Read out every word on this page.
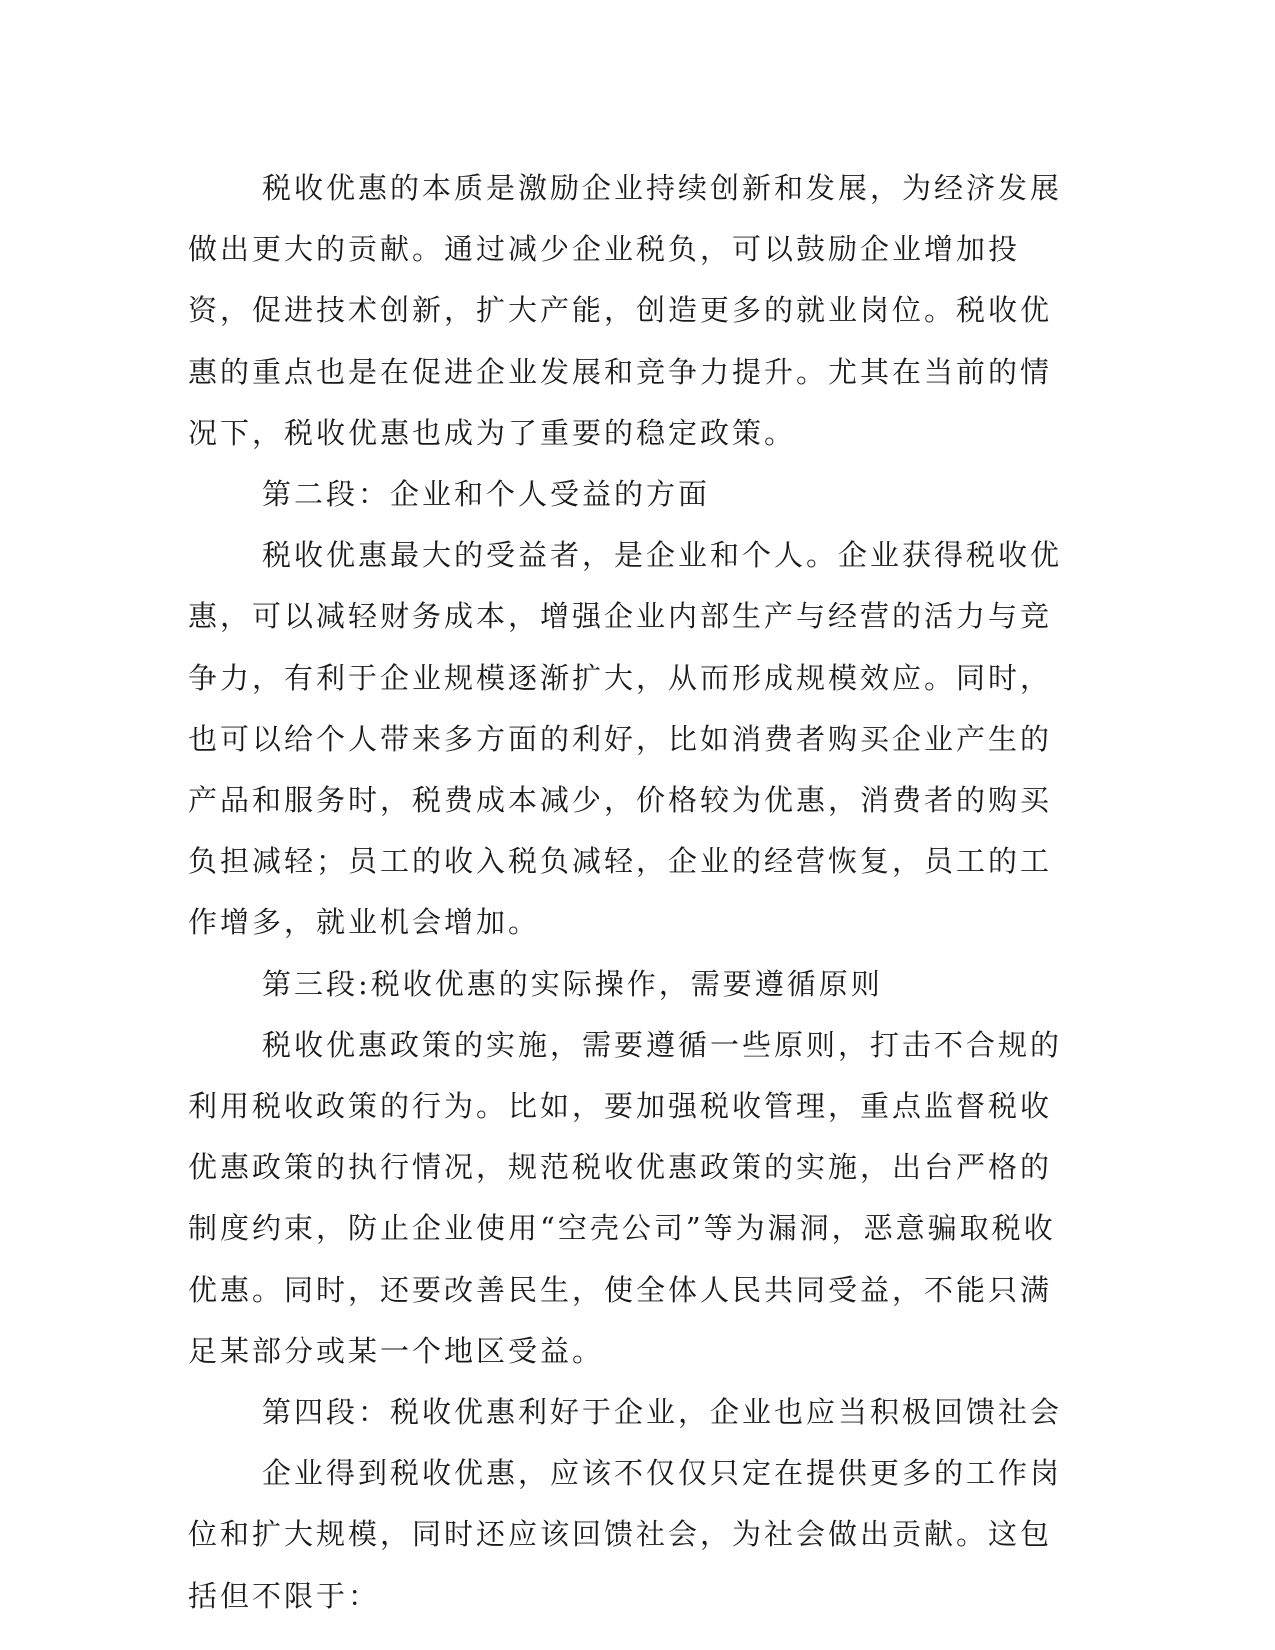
税收优惠的本质是激励企业持续创新和发展，为经济发展做出更大的贡献。通过减少企业税负，可以鼓励企业增加投资，促进技术创新，扩大产能，创造更多的就业岗位。税收优惠的重点也是在促进企业发展和竞争力提升。尤其在当前的情况下，税收优惠也成为了重要的稳定政策。

第二段：企业和个人受益的方面

税收优惠最大的受益者，是企业和个人。企业获得税收优惠，可以减轻财务成本，增强企业内部生产与经营的活力与竞争力，有利于企业规模逐渐扩大，从而形成规模效应。同时，也可以给个人带来多方面的利好，比如消费者购买企业产生的产品和服务时，税费成本减少，价格较为优惠，消费者的购买负担减轻；员工的收入税负减轻，企业的经营恢复，员工的工作增多，就业机会增加。

第三段:税收优惠的实际操作，需要遵循原则

税收优惠政策的实施，需要遵循一些原则，打击不合规的利用税收政策的行为。比如，要加强税收管理，重点监督税收优惠政策的执行情况，规范税收优惠政策的实施，出台严格的制度约束，防止企业使用“空壳公司”等为漏洞，恶意骗取税收优惠。同时，还要改善民生，使全体人民共同受益，不能只满足某部分或某一个地区受益。

第四段：税收优惠利好于企业，企业也应当积极回馈社会

企业得到税收优惠，应该不仅仅只定在提供更多的工作岗位和扩大规模，同时还应该回馈社会，为社会做出贡献。这包括但不限于：
